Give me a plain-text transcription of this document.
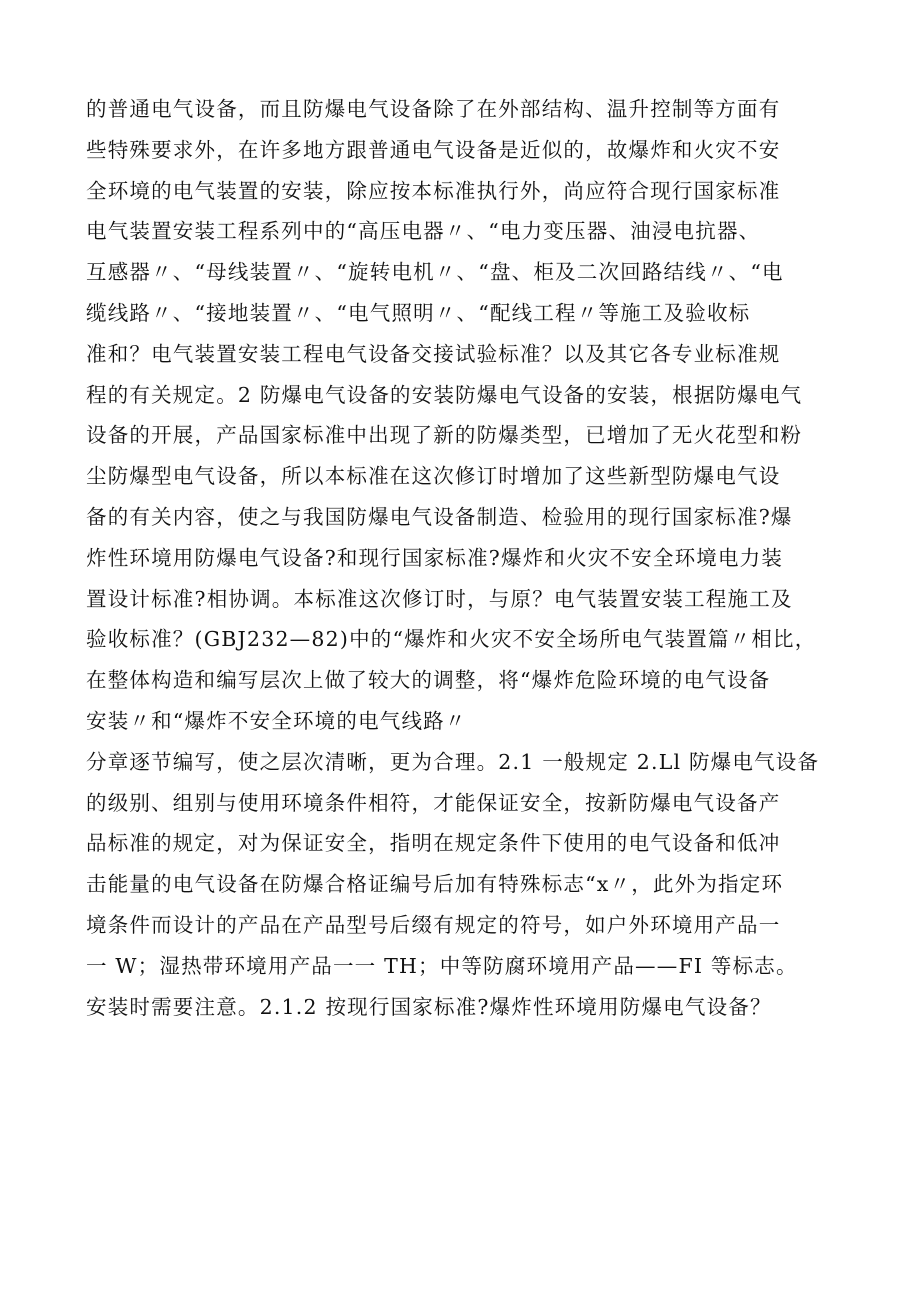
的普通电气设备，而且防爆电气设备除了在外部结构、温升控制等方面有
些特殊要求外，在许多地方跟普通电气设备是近似的，故爆炸和火灾不安
全环境的电气装置的安装，除应按本标准执行外，尚应符合现行国家标准
电气装置安装工程系列中的“高压电器〃、“电力变压器、油浸电抗器、
互感器〃、“母线装置〃、“旋转电机〃、“盘、柜及二次回路结线〃、“电
缆线路〃、“接地装置〃、“电气照明〃、“配线工程〃等施工及验收标
准和？电气装置安装工程电气设备交接试验标准？以及其它各专业标准规
程的有关规定。2 防爆电气设备的安装防爆电气设备的安装，根据防爆电气
设备的开展，产品国家标准中出现了新的防爆类型，已增加了无火花型和粉
尘防爆型电气设备，所以本标准在这次修订时增加了这些新型防爆电气设
备的有关内容，使之与我国防爆电气设备制造、检验用的现行国家标准?爆
炸性环境用防爆电气设备?和现行国家标准?爆炸和火灾不安全环境电力装
置设计标准?相协调。本标准这次修订时，与原？电气装置安装工程施工及
验收标准？(GBJ232—82)中的“爆炸和火灾不安全场所电气装置篇〃相比，
在整体构造和编写层次上做了较大的调整，将“爆炸危险环境的电气设备
安装〃和“爆炸不安全环境的电气线路〃
分章逐节编写，使之层次清晰，更为合理。2.1 一般规定 2.Ll 防爆电气设备
的级别、组别与使用环境条件相符，才能保证安全，按新防爆电气设备产
品标准的规定，对为保证安全，指明在规定条件下使用的电气设备和低冲
击能量的电气设备在防爆合格证编号后加有特殊标志“x〃，此外为指定环
境条件而设计的产品在产品型号后缀有规定的符号，如户外环境用产品一
一 W；湿热带环境用产品一一 TH；中等防腐环境用产品——FI 等标志。
安装时需要注意。2.1.2 按现行国家标准?爆炸性环境用防爆电气设备？
